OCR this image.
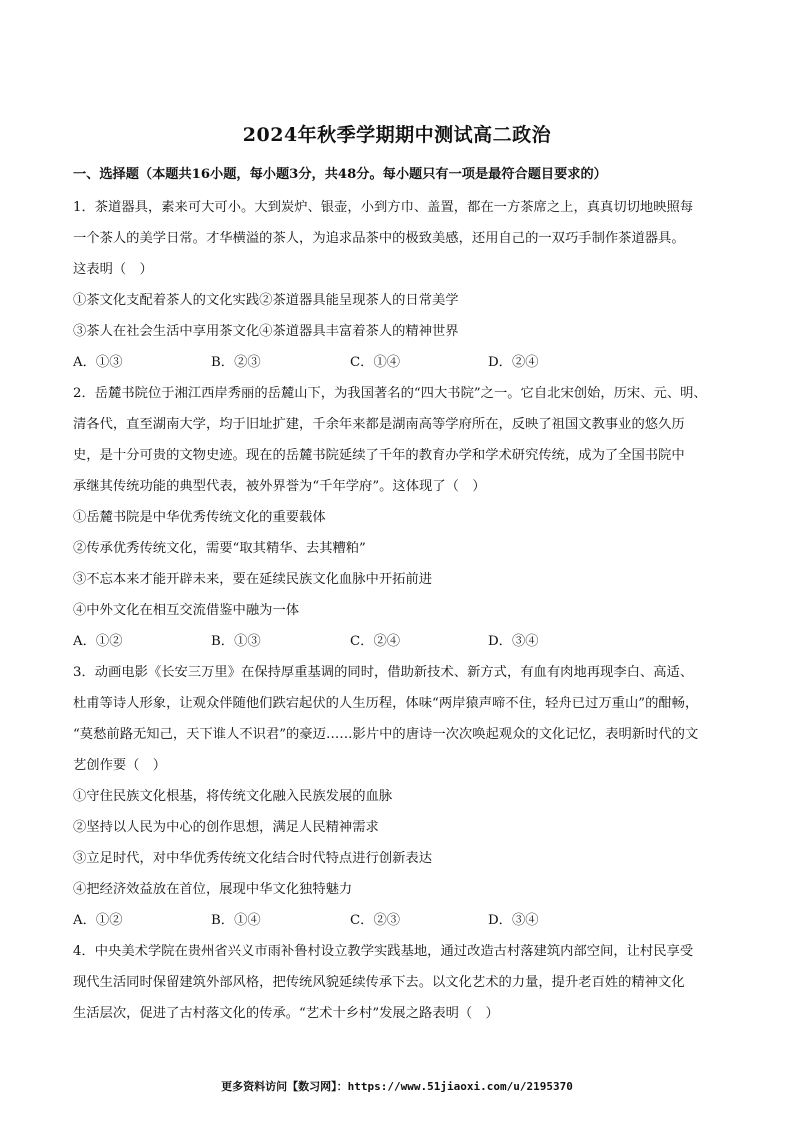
2024年秋季学期期中测试高二政治
一、选择题（本题共16小题，每小题3分，共48分。每小题只有一项是最符合题目要求的）
1．茶道器具，素来可大可小。大到炭炉、银壶，小到方巾、盖置，都在一方茶席之上，真真切切地映照每
一个茶人的美学日常。才华横溢的茶人，为追求品茶中的极致美感，还用自己的一双巧手制作茶道器具。
这表明（　）
①茶文化支配着茶人的文化实践②茶道器具能呈现茶人的日常美学
③茶人在社会生活中享用茶文化④茶道器具丰富着茶人的精神世界
A．①③	B．②③	C．①④	D．②④
2．岳麓书院位于湘江西岸秀丽的岳麓山下，为我国著名的“四大书院”之一。它自北宋创始，历宋、元、明、
清各代，直至湖南大学，均于旧址扩建，千余年来都是湖南高等学府所在，反映了祖国文教事业的悠久历
史，是十分可贵的文物史迹。现在的岳麓书院延续了千年的教育办学和学术研究传统，成为了全国书院中
承继其传统功能的典型代表，被外界誉为“千年学府”。这体现了（　）
①岳麓书院是中华优秀传统文化的重要载体
②传承优秀传统文化，需要“取其精华、去其糟粕”
③不忘本来才能开辟未来，要在延续民族文化血脉中开拓前进
④中外文化在相互交流借鉴中融为一体
A．①②	B．①③	C．②④	D．③④
3．动画电影《长安三万里》在保持厚重基调的同时，借助新技术、新方式，有血有肉地再现李白、高适、
杜甫等诗人形象，让观众伴随他们跌宕起伏的人生历程，体味“两岸猿声啼不住，轻舟已过万重山”的酣畅，
“莫愁前路无知己，天下谁人不识君”的豪迈……影片中的唐诗一次次唤起观众的文化记忆，表明新时代的文
艺创作要（　）
①守住民族文化根基，将传统文化融入民族发展的血脉
②坚持以人民为中心的创作思想，满足人民精神需求
③立足时代，对中华优秀传统文化结合时代特点进行创新表达
④把经济效益放在首位，展现中华文化独特魅力
A．①②	B．①④	C．②③	D．③④
4．中央美术学院在贵州省兴义市雨补鲁村设立教学实践基地，通过改造古村落建筑内部空间，让村民享受
现代生活同时保留建筑外部风格，把传统风貌延续传承下去。以文化艺术的力量，提升老百姓的精神文化
生活层次，促进了古村落文化的传承。“艺术十乡村”发展之路表明（　）
更多资料访问【数习网】：https://www.51jiaoxi.com/u/2195370
